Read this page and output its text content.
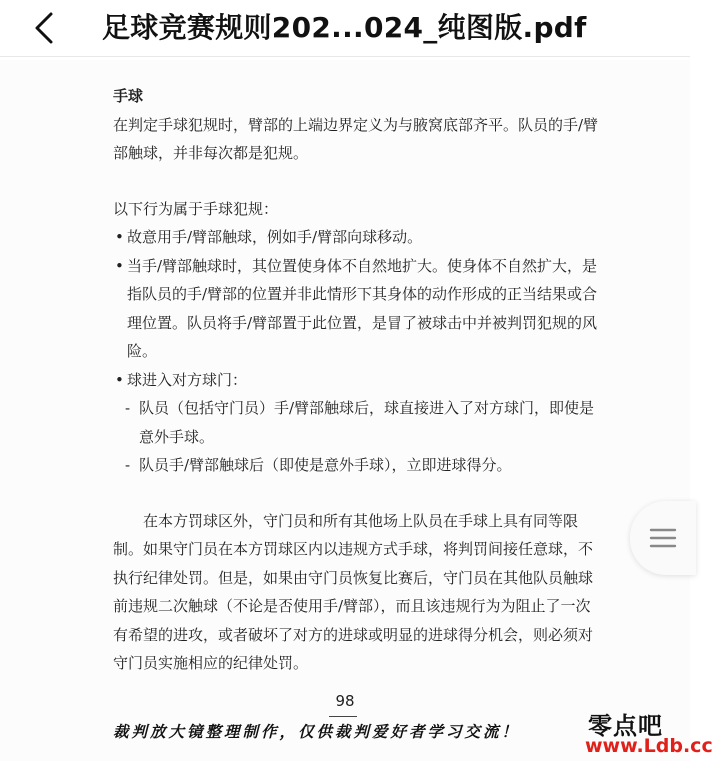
足球竞赛规则202...024_纯图版.pdf

手球

在判定手球犯规时，臂部的上端边界定义为与腋窝底部齐平。队员的手/臂部触球，并非每次都是犯规。

以下行为属于手球犯规：

• 故意用手/臂部触球，例如手/臂部向球移动。

• 当手/臂部触球时，其位置使身体不自然地扩大。使身体不自然扩大，是指队员的手/臂部的位置并非此情形下其身体的动作形成的正当结果或合理位置。队员将手/臂部置于此位置，是冒了被球击中并被判罚犯规的风险。

• 球进入对方球门：

- 队员（包括守门员）手/臂部触球后，球直接进入了对方球门，即使是意外手球。

- 队员手/臂部触球后（即使是意外手球），立即进球得分。

在本方罚球区外，守门员和所有其他场上队员在手球上具有同等限制。如果守门员在本方罚球区内以违规方式手球，将判罚间接任意球，不执行纪律处罚。但是，如果由守门员恢复比赛后，守门员在其他队员触球前违规二次触球（不论是否使用手/臂部），而且该违规行为为阻止了一次有希望的进攻，或者破坏了对方的进球或明显的进球得分机会，则必须对守门员实施相应的纪律处罚。

98
裁判放大镜整理制作，仅供裁判爱好者学习交流！	零点吧
www.Ldb.cc
